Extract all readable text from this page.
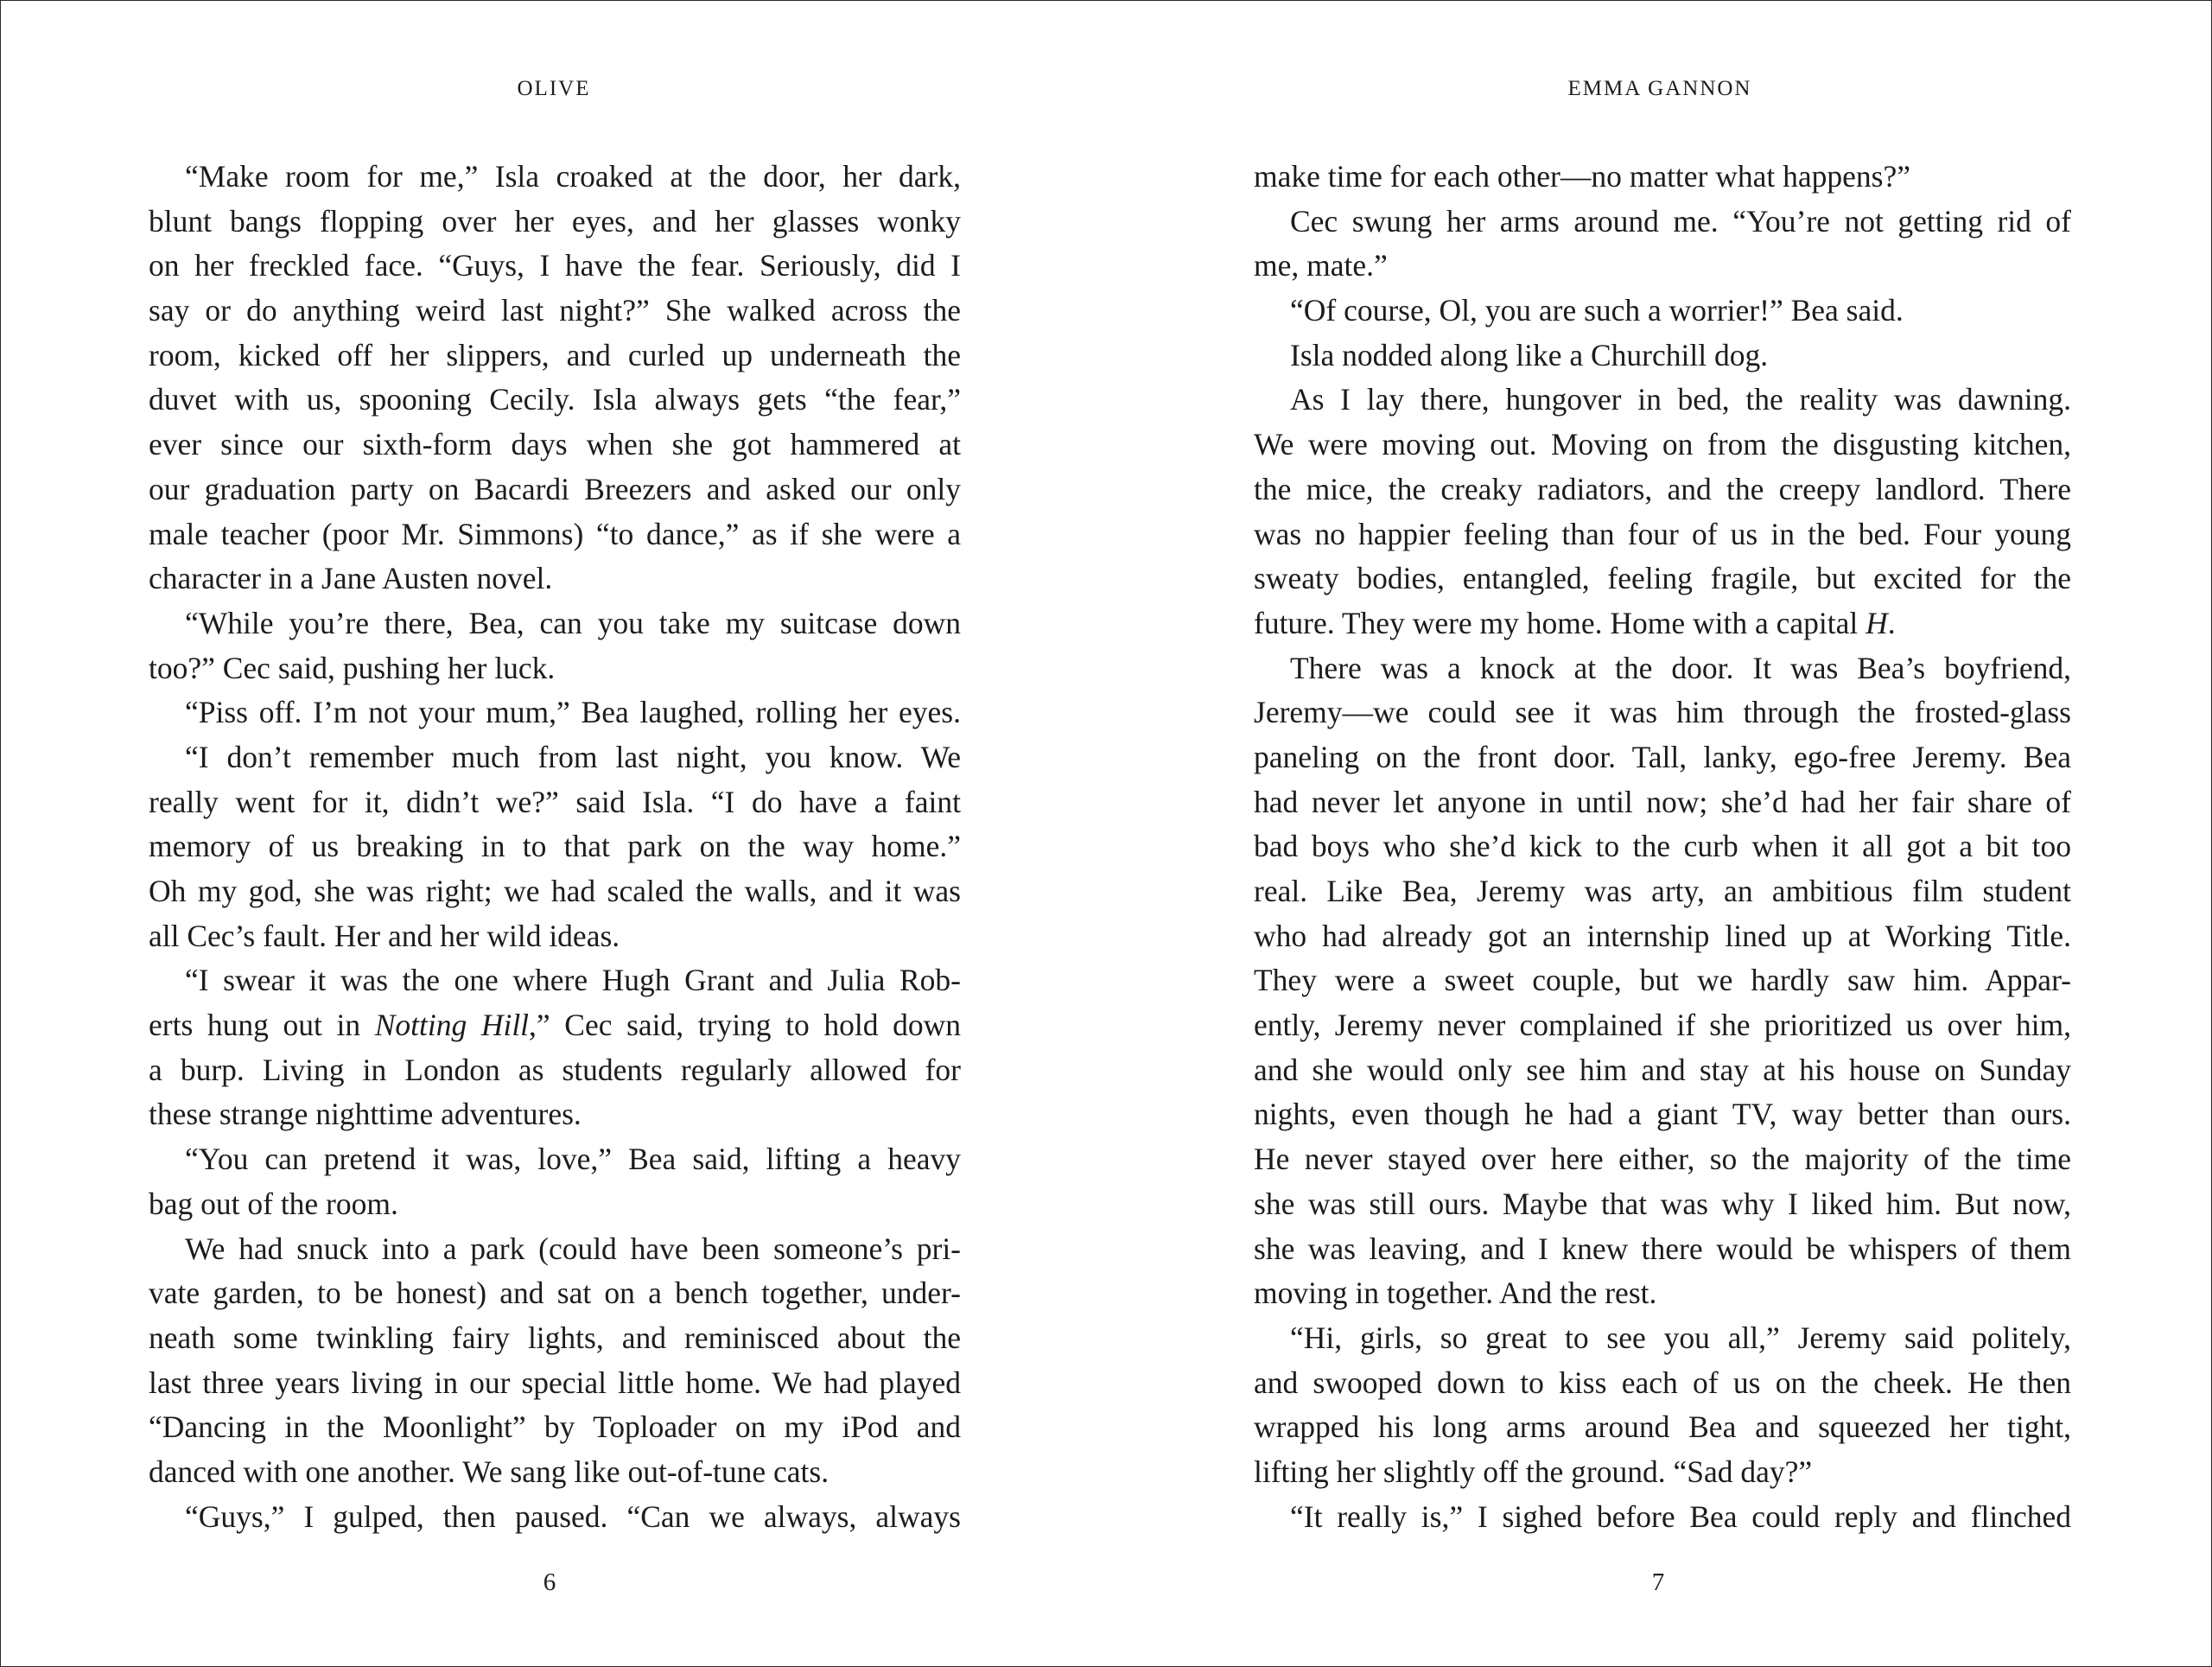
OLIVE
“Make room for me,” Isla croaked at the door, her dark,
blunt bangs flopping over her eyes, and her glasses wonky
on her freckled face. “Guys, I have the fear. Seriously, did I
say or do anything weird last night?” She walked across the
room, kicked off her slippers, and curled up underneath the
duvet with us, spooning Cecily. Isla always gets “the fear,”
ever since our sixth-form days when she got hammered at
our graduation party on Bacardi Breezers and asked our only
male teacher (poor Mr. Simmons) “to dance,” as if she were a
character in a Jane Austen novel.
“While you’re there, Bea, can you take my suitcase down
too?” Cec said, pushing her luck.
“Piss off. I’m not your mum,” Bea laughed, rolling her eyes.
“I don’t remember much from last night, you know. We
really went for it, didn’t we?” said Isla. “I do have a faint
memory of us breaking in to that park on the way home.”
Oh my god, she was right; we had scaled the walls, and it was
all Cec’s fault. Her and her wild ideas.
“I swear it was the one where Hugh Grant and Julia Rob-
erts hung out in Notting Hill,” Cec said, trying to hold down
a burp. Living in London as students regularly allowed for
these strange nighttime adventures.
“You can pretend it was, love,” Bea said, lifting a heavy
bag out of the room.
We had snuck into a park (could have been someone’s pri-
vate garden, to be honest) and sat on a bench together, under-
neath some twinkling fairy lights, and reminisced about the
last three years living in our special little home. We had played
“Dancing in the Moonlight” by Toploader on my iPod and
danced with one another. We sang like out-of-tune cats.
“Guys,” I gulped, then paused. “Can we always, always
6
EMMA GANNON
make time for each other—no matter what happens?”
Cec swung her arms around me. “You’re not getting rid of
me, mate.”
“Of course, Ol, you are such a worrier!” Bea said.
Isla nodded along like a Churchill dog.
As I lay there, hungover in bed, the reality was dawning.
We were moving out. Moving on from the disgusting kitchen,
the mice, the creaky radiators, and the creepy landlord. There
was no happier feeling than four of us in the bed. Four young
sweaty bodies, entangled, feeling fragile, but excited for the
future. They were my home. Home with a capital H.
There was a knock at the door. It was Bea’s boyfriend,
Jeremy—we could see it was him through the frosted-glass
paneling on the front door. Tall, lanky, ego-free Jeremy. Bea
had never let anyone in until now; she’d had her fair share of
bad boys who she’d kick to the curb when it all got a bit too
real. Like Bea, Jeremy was arty, an ambitious film student
who had already got an internship lined up at Working Title.
They were a sweet couple, but we hardly saw him. Appar-
ently, Jeremy never complained if she prioritized us over him,
and she would only see him and stay at his house on Sunday
nights, even though he had a giant TV, way better than ours.
He never stayed over here either, so the majority of the time
she was still ours. Maybe that was why I liked him. But now,
she was leaving, and I knew there would be whispers of them
moving in together. And the rest.
“Hi, girls, so great to see you all,” Jeremy said politely,
and swooped down to kiss each of us on the cheek. He then
wrapped his long arms around Bea and squeezed her tight,
lifting her slightly off the ground. “Sad day?”
“It really is,” I sighed before Bea could reply and flinched
7
